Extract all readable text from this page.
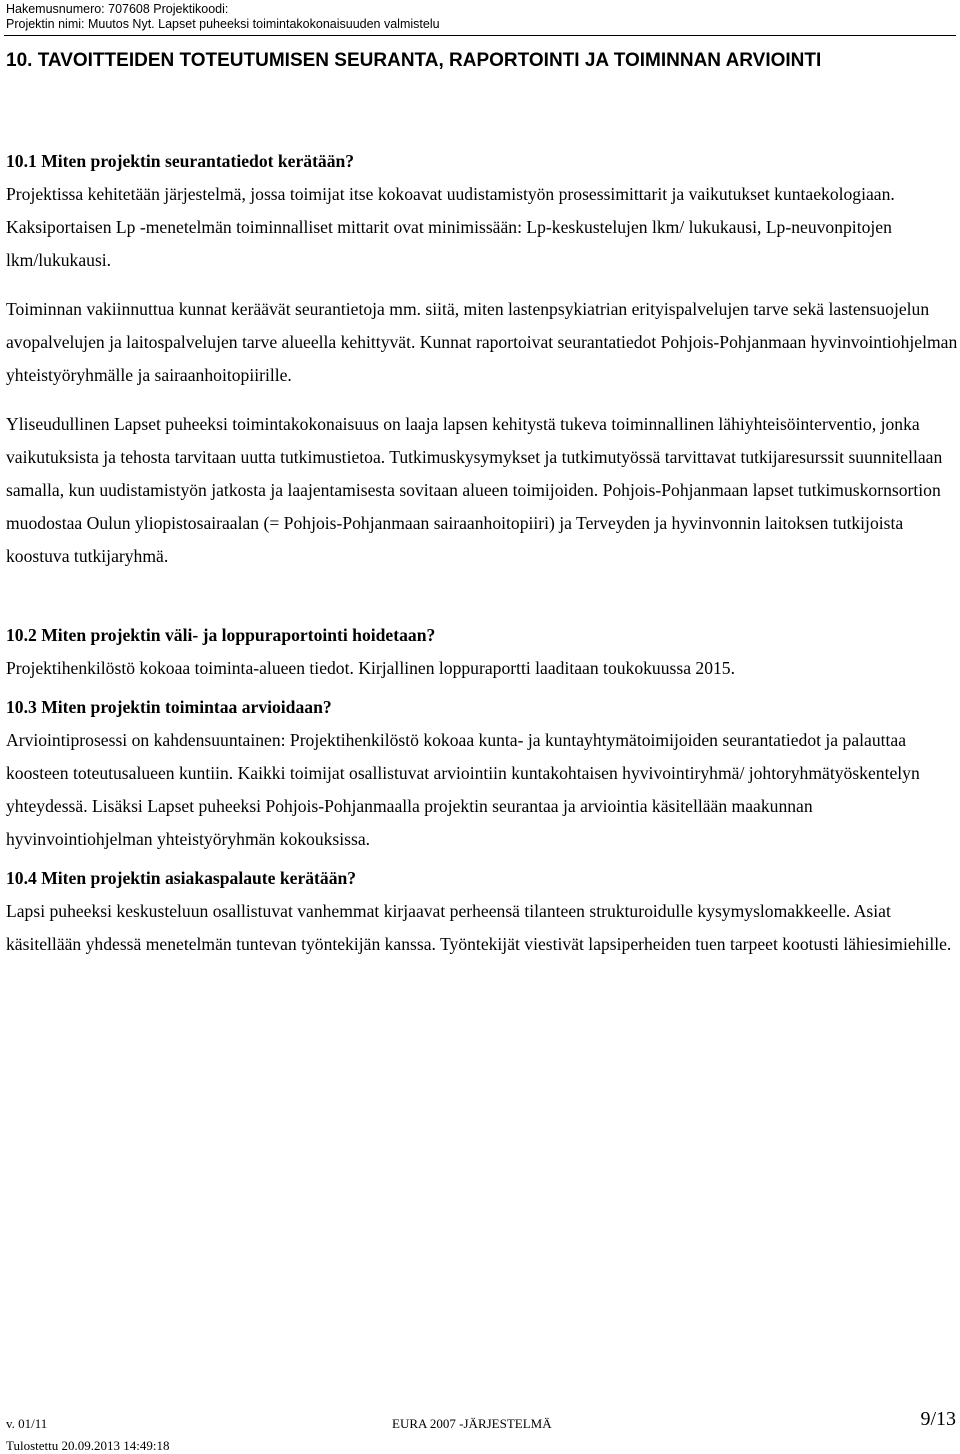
Hakemusnumero: 707608 Projektikoodi:
Projektin nimi: Muutos Nyt. Lapset puheeksi toimintakokonaisuuden valmistelu
10. TAVOITTEIDEN TOTEUTUMISEN SEURANTA, RAPORTOINTI JA TOIMINNAN ARVIOINTI
10.1 Miten projektin seurantatiedot kerätään?

Projektissa kehitetään järjestelmä, jossa toimijat itse kokoavat uudistamistyön prosessimittarit ja vaikutukset kuntaekologiaan. Kaksiportaisen Lp -menetelmän toiminnalliset mittarit ovat minimissään: Lp-keskustelujen lkm/ lukukausi, Lp-neuvonpitojen lkm/lukukausi.

Toiminnan vakiinnuttua kunnat keräävät seurantietoja mm. siitä, miten lastenpsykiatrian erityispalvelujen tarve sekä lastensuojelun avopalvelujen ja laitospalvelujen tarve alueella kehittyvät. Kunnat raportoivat seurantatiedot Pohjois-Pohjanmaan hyvinvointiohjelman yhteistyöryhmälle ja sairaanhoitopiirille.

Yliseudullinen Lapset puheeksi toimintakokonaisuus on laaja lapsen kehitystä tukeva toiminnallinen lähiyhteisöinterventio, jonka vaikutuksista ja tehosta tarvitaan uutta tutkimustietoa. Tutkimuskysymykset ja tutkimutyössä tarvittavat tutkijaresurssit suunnitellaan samalla, kun uudistamistyön jatkosta ja laajentamisesta sovitaan alueen toimijoiden. Pohjois-Pohjanmaan lapset tutkimuskornsortion muodostaa Oulun yliopistosairaalan (= Pohjois-Pohjanmaan sairaanhoitopiiri) ja Terveyden ja hyvinvonnin laitoksen tutkijoista koostuva tutkijaryhmä.

10.2 Miten projektin väli- ja loppuraportointi hoidetaan?

Projektihenkilöstö kokoaa toiminta-alueen tiedot. Kirjallinen loppuraportti laaditaan toukokuussa 2015.

10.3 Miten projektin toimintaa arvioidaan?

Arviointiprosessi on kahdensuuntainen: Projektihenkilöstö kokoaa kunta- ja kuntayhtymätoimijoiden seurantatiedot ja palauttaa koosteen toteutusalueen kuntiin. Kaikki toimijat osallistuvat arviointiin kuntakohtaisen hyvivointiryhmä/ johtoryhmätyöskentelyn yhteydessä. Lisäksi Lapset puheeksi Pohjois-Pohjanmaalla projektin seurantaa ja arviointia käsitellään maakunnan hyvinvointiohjelman yhteistyöryhmän kokouksissa.

10.4 Miten projektin asiakaspalaute kerätään?

Lapsi puheeksi keskusteluun osallistuvat vanhemmat kirjaavat perheensä tilanteen strukturoidulle kysymyslomakkeelle. Asiat käsitellään yhdessä menetelmän tuntevan työntekijän kanssa. Työntekijät viestivät lapsiperheiden tuen tarpeet kootusti lähiesimiehille.

v. 01/11	EURA 2007 -JÄRJESTELMÄ	9/13
Tulostettu 20.09.2013 14:49:18
